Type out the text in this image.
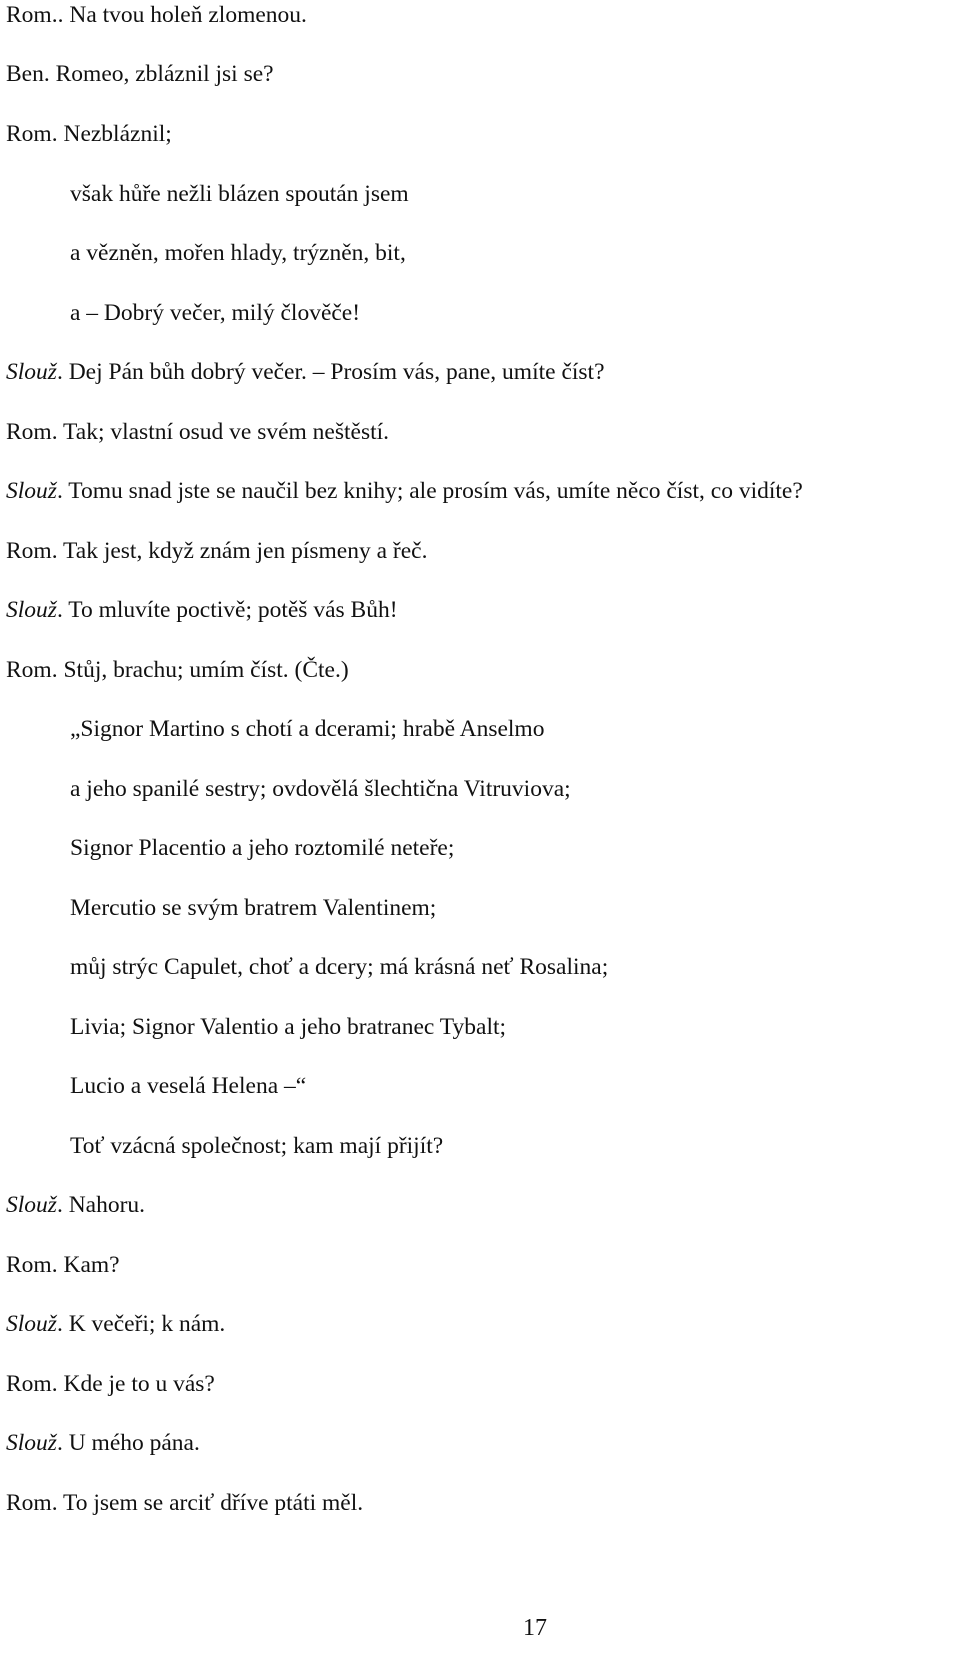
Rom.. Na tvou holeň zlomenou.
Ben. Romeo, zbláznil jsi se?
Rom. Nezbláznil;
však hůře nežli blázen spoután jsem
a vězněn, mořen hlady, trýzněn, bit,
a – Dobrý večer, milý člověče!
Slouž. Dej Pán bůh dobrý večer. – Prosím vás, pane, umíte číst?
Rom. Tak; vlastní osud ve svém neštěstí.
Slouž. Tomu snad jste se naučil bez knihy; ale prosím vás, umíte něco číst, co vidíte?
Rom. Tak jest, když znám jen písmeny a řeč.
Slouž. To mluvíte poctivě; potěš vás Bůh!
Rom. Stůj, brachu; umím číst. (Čte.)
„Signor Martino s chotí a dcerami; hrabě Anselmo
a jeho spanilé sestry; ovdovělá šlechtična Vitruviova;
Signor Placentio a jeho roztomilé neteře;
Mercutio se svým bratrem Valentinem;
můj strýc Capulet, choť a dcery; má krásná neť Rosalina;
Livia; Signor Valentio a jeho bratranec Tybalt;
Lucio a veselá Helena –“
Toť vzácná společnost; kam mají přijít?
Slouž. Nahoru.
Rom. Kam?
Slouž. K večeři; k nám.
Rom. Kde je to u vás?
Slouž. U mého pána.
Rom. To jsem se arciť dříve ptáti měl.
17
